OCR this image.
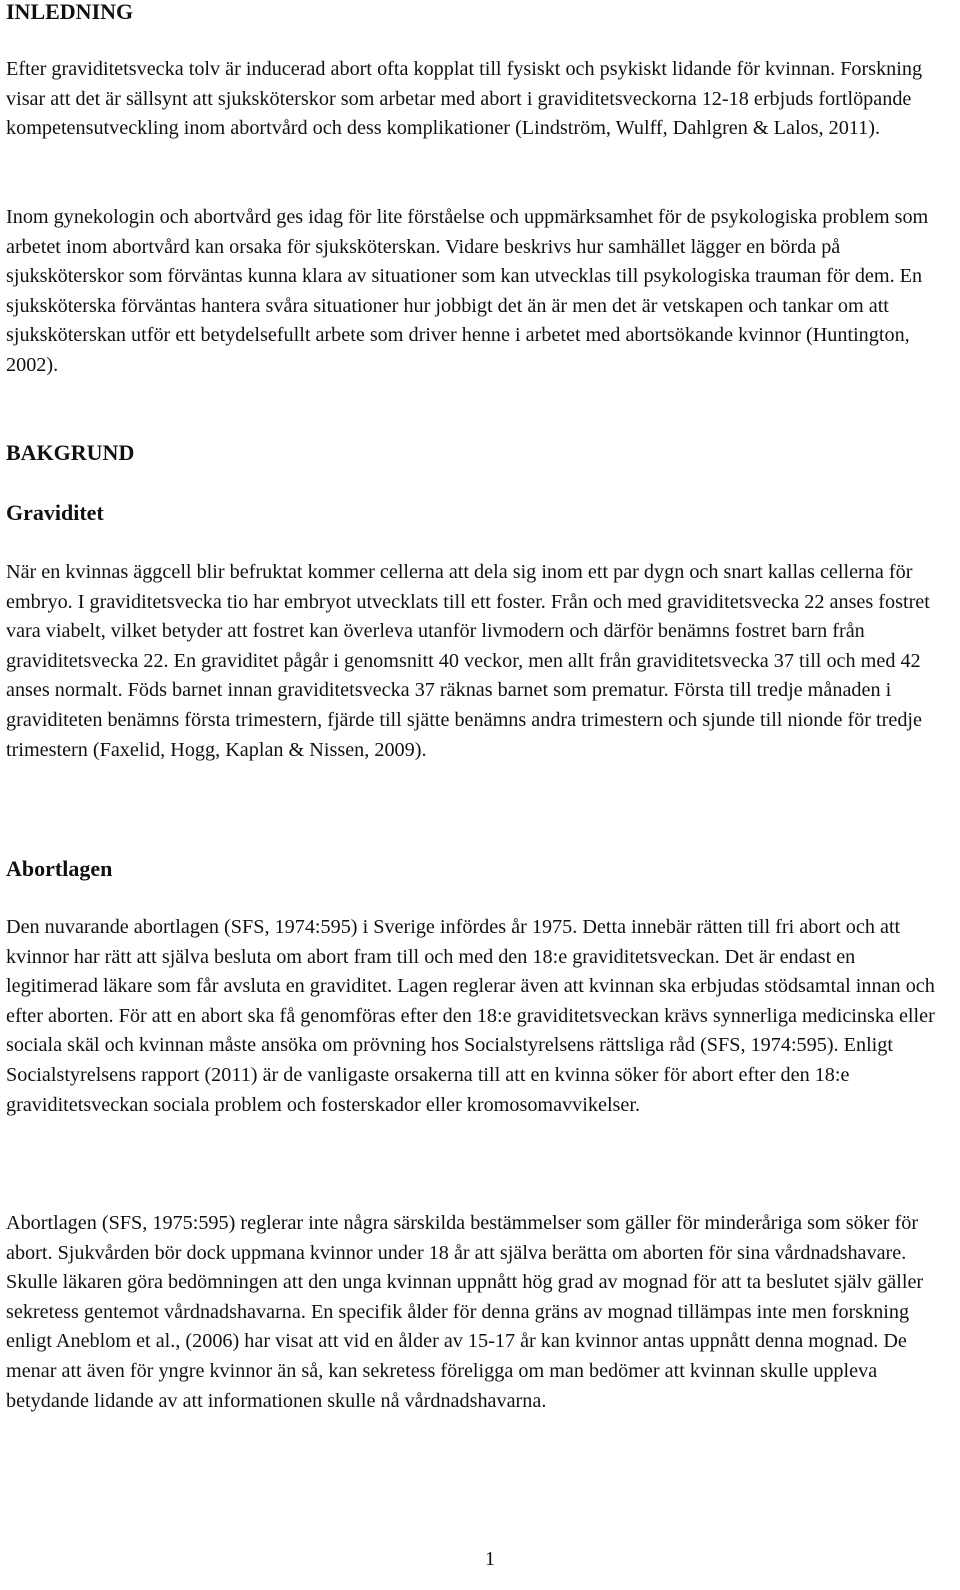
INLEDNING

Efter graviditetsvecka tolv är inducerad abort ofta kopplat till fysiskt och psykiskt lidande för kvinnan. Forskning visar att det är sällsynt att sjuksköterskor som arbetar med abort i graviditetsveckorna 12-18 erbjuds fortlöpande kompetensutveckling inom abortvård och dess komplikationer (Lindström, Wulff, Dahlgren & Lalos, 2011).

Inom gynekologin och abortvård ges idag för lite förståelse och uppmärksamhet för de psykologiska problem som arbetet inom abortvård kan orsaka för sjuksköterskan. Vidare beskrivs hur samhället lägger en börda på sjuksköterskor som förväntas kunna klara av situationer som kan utvecklas till psykologiska trauman för dem. En sjuksköterska förväntas hantera svåra situationer hur jobbigt det än är men det är vetskapen och tankar om att sjuksköterskan utför ett betydelsefullt arbete som driver henne i arbetet med abortsökande kvinnor (Huntington, 2002).

BAKGRUND
Graviditet

När en kvinnas äggcell blir befruktat kommer cellerna att dela sig inom ett par dygn och snart kallas cellerna för embryo. I graviditetsvecka tio har embryot utvecklats till ett foster. Från och med graviditetsvecka 22 anses fostret vara viabelt, vilket betyder att fostret kan överleva utanför livmodern och därför benämns fostret barn från graviditetsvecka 22. En graviditet pågår i genomsnitt 40 veckor, men allt från graviditetsvecka 37 till och med 42 anses normalt. Föds barnet innan graviditetsvecka 37 räknas barnet som prematur. Första till tredje månaden i graviditeten benämns första trimestern, fjärde till sjätte benämns andra trimestern och sjunde till nionde för tredje trimestern (Faxelid, Hogg, Kaplan & Nissen, 2009).

Abortlagen

Den nuvarande abortlagen (SFS, 1974:595) i Sverige infördes år 1975. Detta innebär rätten till fri abort och att kvinnor har rätt att själva besluta om abort fram till och med den 18:e graviditetsveckan. Det är endast en legitimerad läkare som får avsluta en graviditet. Lagen reglerar även att kvinnan ska erbjudas stödsamtal innan och efter aborten. För att en abort ska få genomföras efter den 18:e graviditetsveckan krävs synnerliga medicinska eller sociala skäl och kvinnan måste ansöka om prövning hos Socialstyrelsens rättsliga råd (SFS, 1974:595). Enligt Socialstyrelsens rapport (2011) är de vanligaste orsakerna till att en kvinna söker för abort efter den 18:e graviditetsveckan sociala problem och fosterskador eller kromosomavvikelser.

Abortlagen (SFS, 1975:595) reglerar inte några särskilda bestämmelser som gäller för minderåriga som söker för abort. Sjukvården bör dock uppmana kvinnor under 18 år att själva berätta om aborten för sina vårdnadshavare. Skulle läkaren göra bedömningen att den unga kvinnan uppnått hög grad av mognad för att ta beslutet själv gäller sekretess gentemot vårdnadshavarna. En specifik ålder för denna gräns av mognad tillämpas inte men forskning enligt Aneblom et al., (2006) har visat att vid en ålder av 15-17 år kan kvinnor antas uppnått denna mognad. De menar att även för yngre kvinnor än så, kan sekretess föreligga om man bedömer att kvinnan skulle uppleva betydande lidande av att informationen skulle nå vårdnadshavarna.

1
